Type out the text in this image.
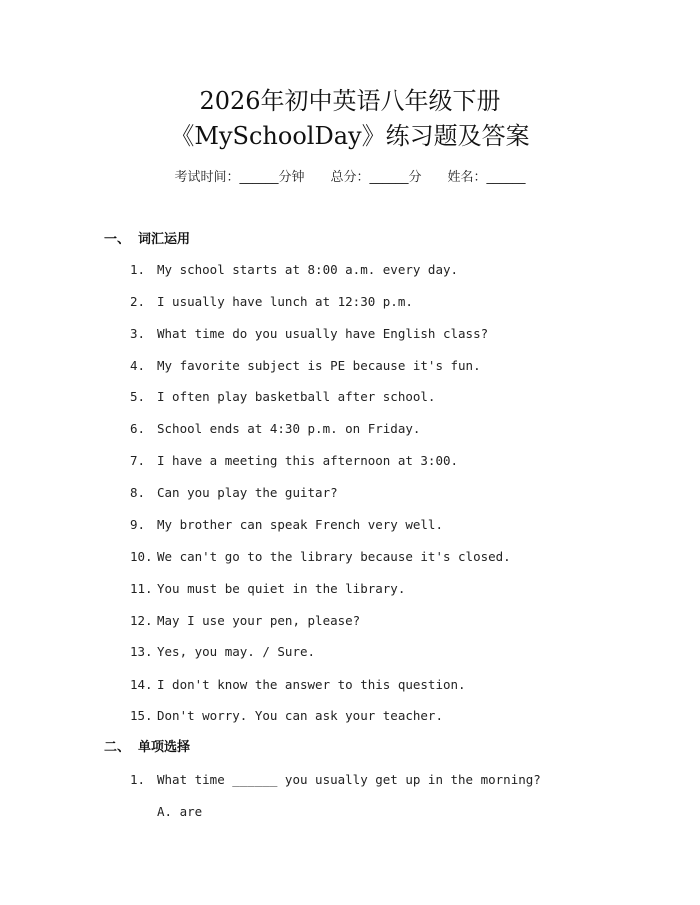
2026年初中英语八年级下册
《MySchoolDay》练习题及答案
考试时间：______分钟 总分：______分 姓名：______
一、 词汇运用
1. My school starts at 8:00 a.m. every day.
2. I usually have lunch at 12:30 p.m.
3. What time do you usually have English class?
4. My favorite subject is PE because it's fun.
5. I often play basketball after school.
6. School ends at 4:30 p.m. on Friday.
7. I have a meeting this afternoon at 3:00.
8. Can you play the guitar?
9. My brother can speak French very well.
10. We can't go to the library because it's closed.
11. You must be quiet in the library.
12. May I use your pen, please?
13. Yes, you may. / Sure.
14. I don't know the answer to this question.
15. Don't worry. You can ask your teacher.
二、 单项选择
1. What time ______ you usually get up in the morning?
A. are
